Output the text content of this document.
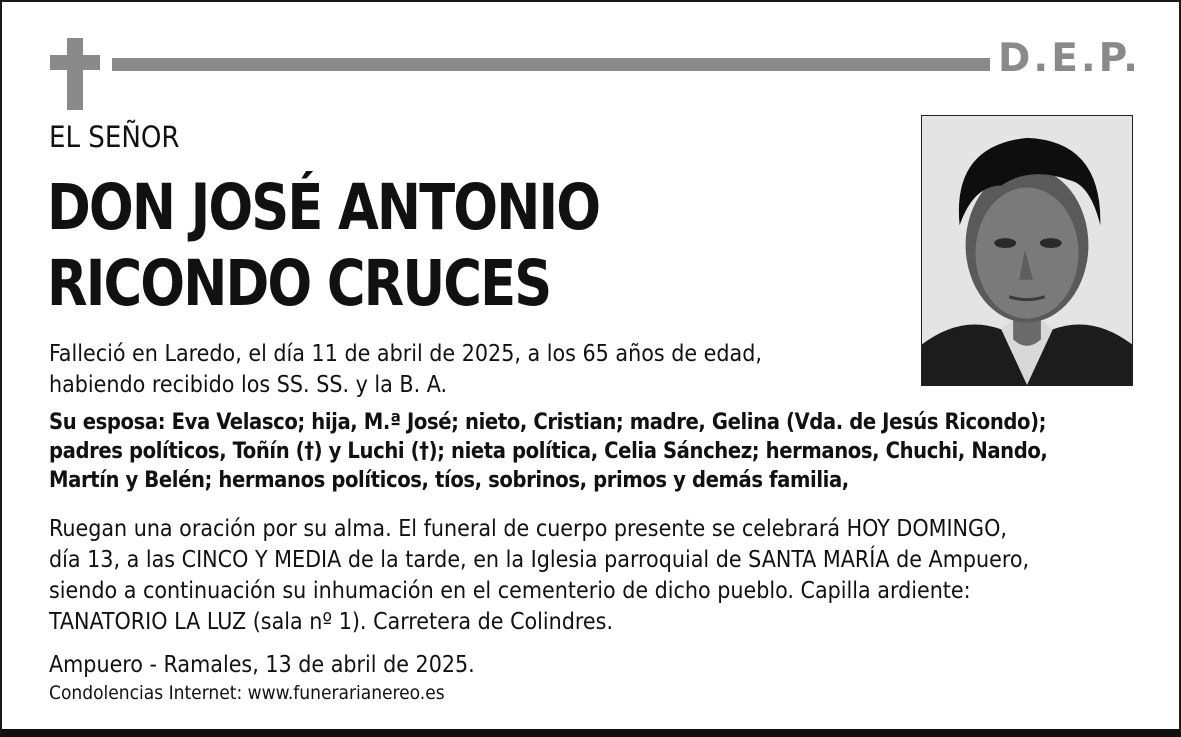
D.E.P.
EL SEÑOR
DON JOSÉ ANTONIO
RICONDO CRUCES
Falleció en Laredo, el día 11 de abril de 2025, a los 65 años de edad,
habiendo recibido los SS. SS. y la B. A.
Su esposa: Eva Velasco; hija, M.ª José; nieto, Cristian; madre, Gelina (Vda. de Jesús Ricondo);
padres políticos, Toñín (†) y Luchi (†); nieta política, Celia Sánchez; hermanos, Chuchi, Nando,
Martín y Belén; hermanos políticos, tíos, sobrinos, primos y demás familia,
Ruegan una oración por su alma. El funeral de cuerpo presente se celebrará HOY DOMINGO,
día 13, a las CINCO Y MEDIA de la tarde, en la Iglesia parroquial de SANTA MARÍA de Ampuero,
siendo a continuación su inhumación en el cementerio de dicho pueblo. Capilla ardiente:
TANATORIO LA LUZ (sala nº 1). Carretera de Colindres.
Ampuero - Ramales, 13 de abril de 2025.
Condolencias Internet: www.funerarianereo.es
